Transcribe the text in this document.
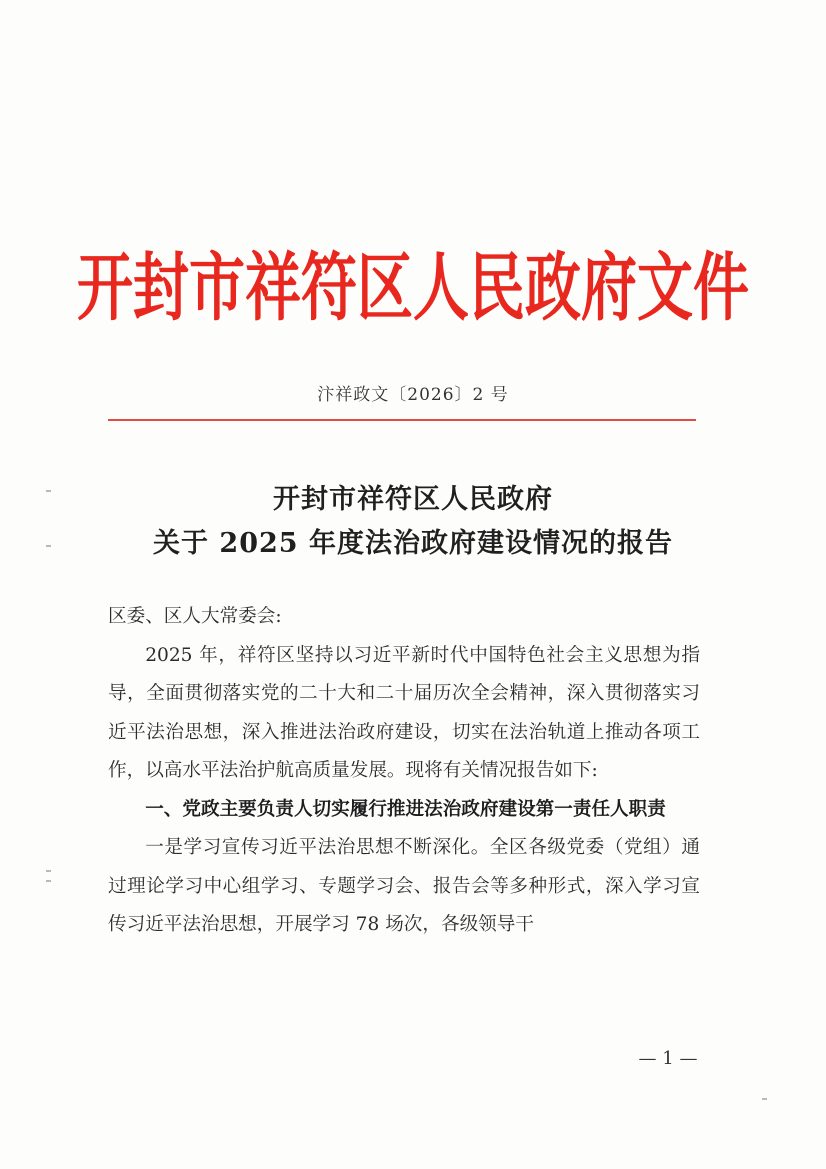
开封市祥符区人民政府文件
汴祥政文〔2026〕2 号
开封市祥符区人民政府
关于 2025 年度法治政府建设情况的报告

区委、区人大常委会:

2025 年，祥符区坚持以习近平新时代中国特色社会主义思想为指导，全面贯彻落实党的二十大和二十届历次全会精神，深入贯彻落实习近平法治思想，深入推进法治政府建设，切实在法治轨道上推动各项工作，以高水平法治护航高质量发展。现将有关情况报告如下:

一、党政主要负责人切实履行推进法治政府建设第一责任人职责

一是学习宣传习近平法治思想不断深化。全区各级党委（党组）通过理论学习中心组学习、专题学习会、报告会等多种形式，深入学习宣传习近平法治思想，开展学习 78 场次，各级领导干

— 1 —
